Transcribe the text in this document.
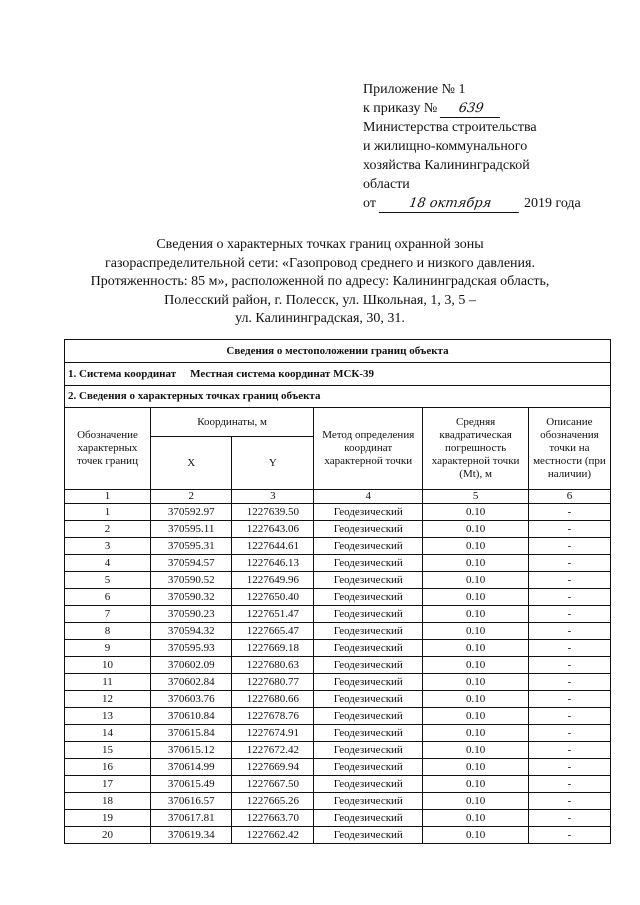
Приложение № 1
к приказу № 639
Министерства строительства
и жилищно-коммунального
хозяйства Калининградской
области
от 18 октября 2019 года
Сведения о характерных точках границ охранной зоны
газораспределительной сети: «Газопровод среднего и низкого давления.
Протяженность: 85 м», расположенной по адресу: Калининградская область,
Полесский район, г. Полесск, ул. Школьная, 1, 3, 5 –
ул. Калининградская, 30, 31.
Сведения о местоположении границ объекта					
1. Система координат Местная система координат МСК-39					
2. Сведения о характерных точках границ объекта					
Обозначение характерных точек границ	Координаты, м		Метод определения координат характерной точки	Средняя квадратическая погрешность характерной точки (Mt), м	Описание обозначения точки на местности (при наличии)
	X	Y			
1	2	3	4	5	6
1	370592.97	1227639.50	Геодезический	0.10	-
2	370595.11	1227643.06	Геодезический	0.10	-
3	370595.31	1227644.61	Геодезический	0.10	-
4	370594.57	1227646.13	Геодезический	0.10	-
5	370590.52	1227649.96	Геодезический	0.10	-
6	370590.32	1227650.40	Геодезический	0.10	-
7	370590.23	1227651.47	Геодезический	0.10	-
8	370594.32	1227665.47	Геодезический	0.10	-
9	370595.93	1227669.18	Геодезический	0.10	-
10	370602.09	1227680.63	Геодезический	0.10	-
11	370602.84	1227680.77	Геодезический	0.10	-
12	370603.76	1227680.66	Геодезический	0.10	-
13	370610.84	1227678.76	Геодезический	0.10	-
14	370615.84	1227674.91	Геодезический	0.10	-
15	370615.12	1227672.42	Геодезический	0.10	-
16	370614.99	1227669.94	Геодезический	0.10	-
17	370615.49	1227667.50	Геодезический	0.10	-
18	370616.57	1227665.26	Геодезический	0.10	-
19	370617.81	1227663.70	Геодезический	0.10	-
20	370619.34	1227662.42	Геодезический	0.10	-
